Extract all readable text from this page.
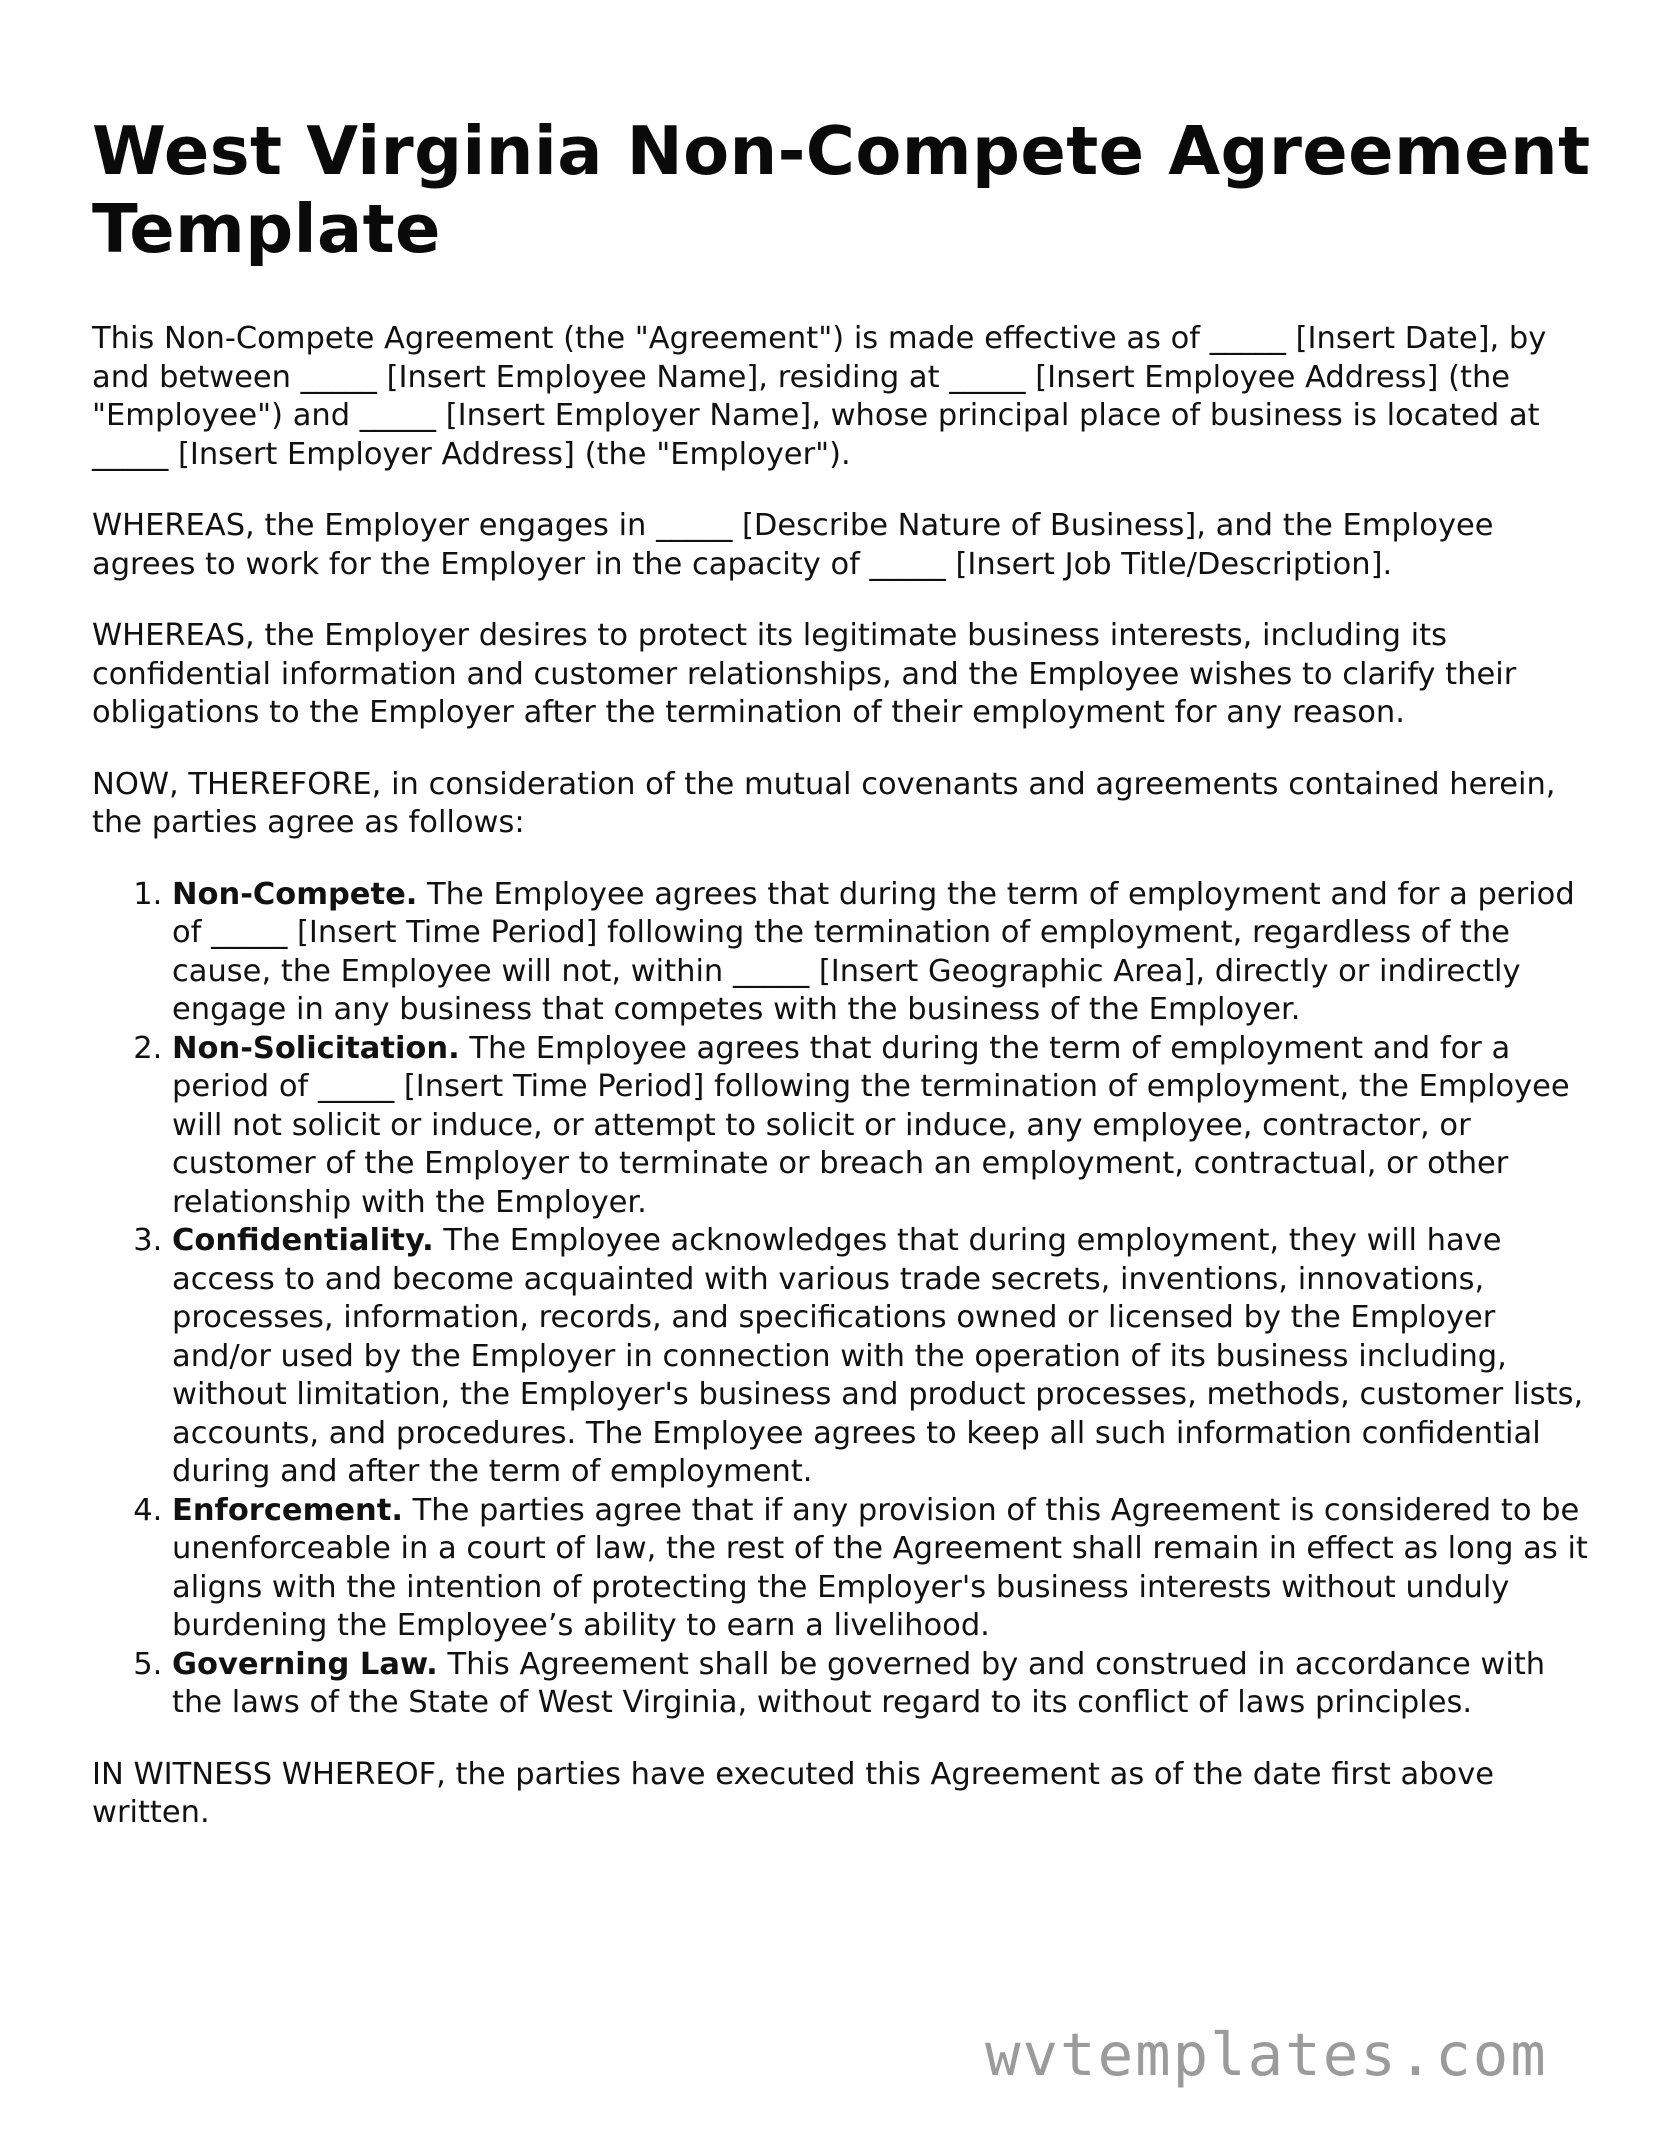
West Virginia Non-Compete Agreement Template

This Non-Compete Agreement (the "Agreement") is made effective as of _____ [Insert Date], by and between _____ [Insert Employee Name], residing at _____ [Insert Employee Address] (the "Employee") and _____ [Insert Employer Name], whose principal place of business is located at _____ [Insert Employer Address] (the "Employer").

WHEREAS, the Employer engages in _____ [Describe Nature of Business], and the Employee agrees to work for the Employer in the capacity of _____ [Insert Job Title/Description].

WHEREAS, the Employer desires to protect its legitimate business interests, including its confidential information and customer relationships, and the Employee wishes to clarify their obligations to the Employer after the termination of their employment for any reason.

NOW, THEREFORE, in consideration of the mutual covenants and agreements contained herein, the parties agree as follows:

1. Non-Compete. The Employee agrees that during the term of employment and for a period of _____ [Insert Time Period] following the termination of employment, regardless of the cause, the Employee will not, within _____ [Insert Geographic Area], directly or indirectly engage in any business that competes with the business of the Employer.
2. Non-Solicitation. The Employee agrees that during the term of employment and for a period of _____ [Insert Time Period] following the termination of employment, the Employee will not solicit or induce, or attempt to solicit or induce, any employee, contractor, or customer of the Employer to terminate or breach an employment, contractual, or other relationship with the Employer.
3. Confidentiality. The Employee acknowledges that during employment, they will have access to and become acquainted with various trade secrets, inventions, innovations, processes, information, records, and specifications owned or licensed by the Employer and/or used by the Employer in connection with the operation of its business including, without limitation, the Employer's business and product processes, methods, customer lists, accounts, and procedures. The Employee agrees to keep all such information confidential during and after the term of employment.
4. Enforcement. The parties agree that if any provision of this Agreement is considered to be unenforceable in a court of law, the rest of the Agreement shall remain in effect as long as it aligns with the intention of protecting the Employer's business interests without unduly burdening the Employee’s ability to earn a livelihood.
5. Governing Law. This Agreement shall be governed by and construed in accordance with the laws of the State of West Virginia, without regard to its conflict of laws principles.

IN WITNESS WHEREOF, the parties have executed this Agreement as of the date first above written.

wvtemplates.com
